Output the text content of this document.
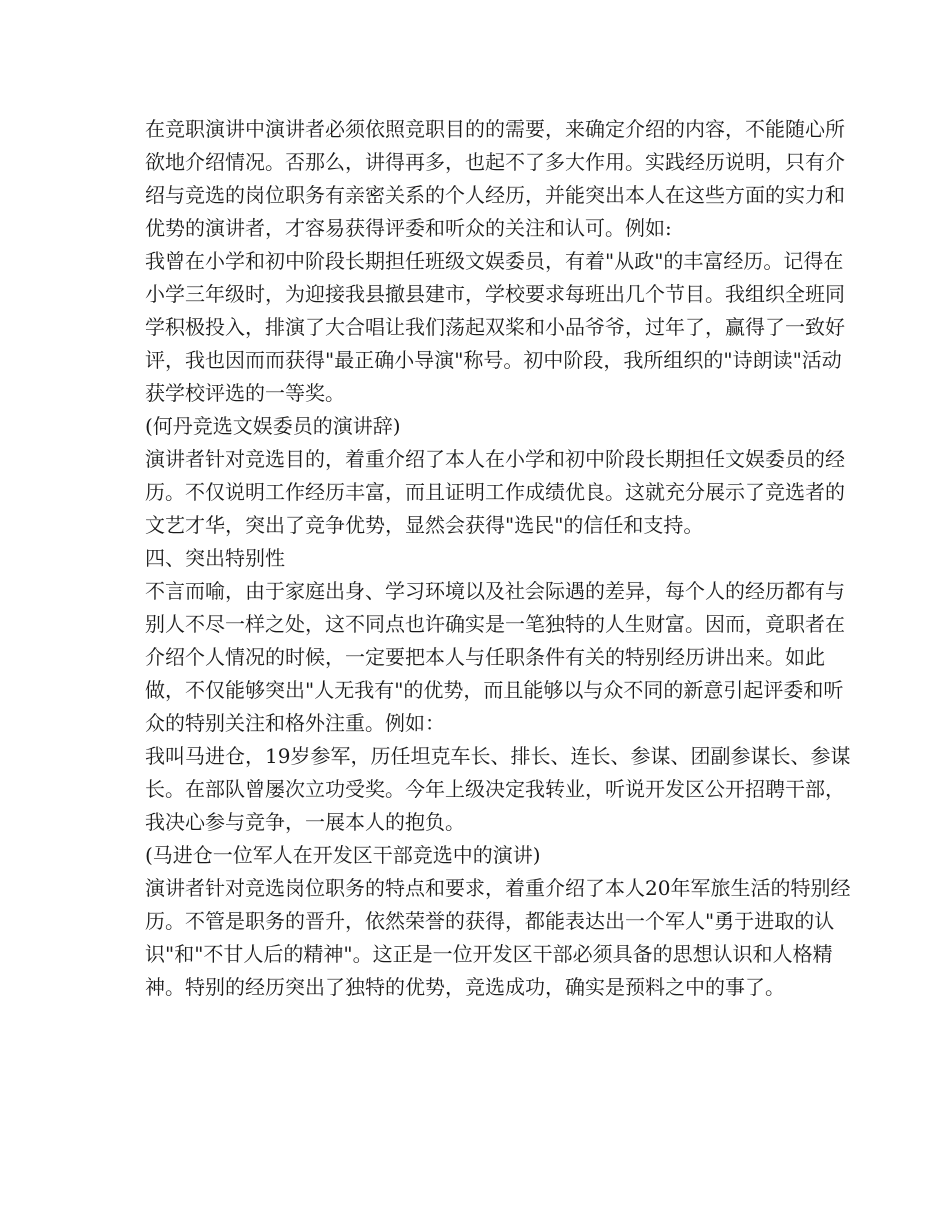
在竞职演讲中演讲者必须依照竞职目的的需要，来确定介绍的内容，不能随心所
欲地介绍情况。否那么，讲得再多，也起不了多大作用。实践经历说明，只有介
绍与竞选的岗位职务有亲密关系的个人经历，并能突出本人在这些方面的实力和
优势的演讲者，才容易获得评委和听众的关注和认可。例如:
我曾在小学和初中阶段长期担任班级文娱委员，有着"从政"的丰富经历。记得在
小学三年级时，为迎接我县撤县建市，学校要求每班出几个节目。我组织全班同
学积极投入，排演了大合唱让我们荡起双桨和小品爷爷，过年了，赢得了一致好
评，我也因而而获得"最正确小导演"称号。初中阶段，我所组织的"诗朗读"活动
获学校评选的一等奖。
(何丹竞选文娱委员的演讲辞)
演讲者针对竞选目的，着重介绍了本人在小学和初中阶段长期担任文娱委员的经
历。不仅说明工作经历丰富，而且证明工作成绩优良。这就充分展示了竞选者的
文艺才华，突出了竞争优势，显然会获得"选民"的信任和支持。
四、突出特别性
不言而喻，由于家庭出身、学习环境以及社会际遇的差异，每个人的经历都有与
别人不尽一样之处，这不同点也许确实是一笔独特的人生财富。因而，竟职者在
介绍个人情况的时候，一定要把本人与任职条件有关的特别经历讲出来。如此
做，不仅能够突出"人无我有"的优势，而且能够以与众不同的新意引起评委和听
众的特别关注和格外注重。例如：
我叫马进仓，19岁参军，历任坦克车长、排长、连长、参谋、团副参谋长、参谋
长。在部队曾屡次立功受奖。今年上级决定我转业，听说开发区公开招聘干部，
我决心参与竞争，一展本人的抱负。
(马进仓一位军人在开发区干部竞选中的演讲)
演讲者针对竞选岗位职务的特点和要求，着重介绍了本人20年军旅生活的特别经
历。不管是职务的晋升，依然荣誉的获得，都能表达出一个军人"勇于进取的认
识"和"不甘人后的精神"。这正是一位开发区干部必须具备的思想认识和人格精
神。特别的经历突出了独特的优势，竞选成功，确实是预料之中的事了。
